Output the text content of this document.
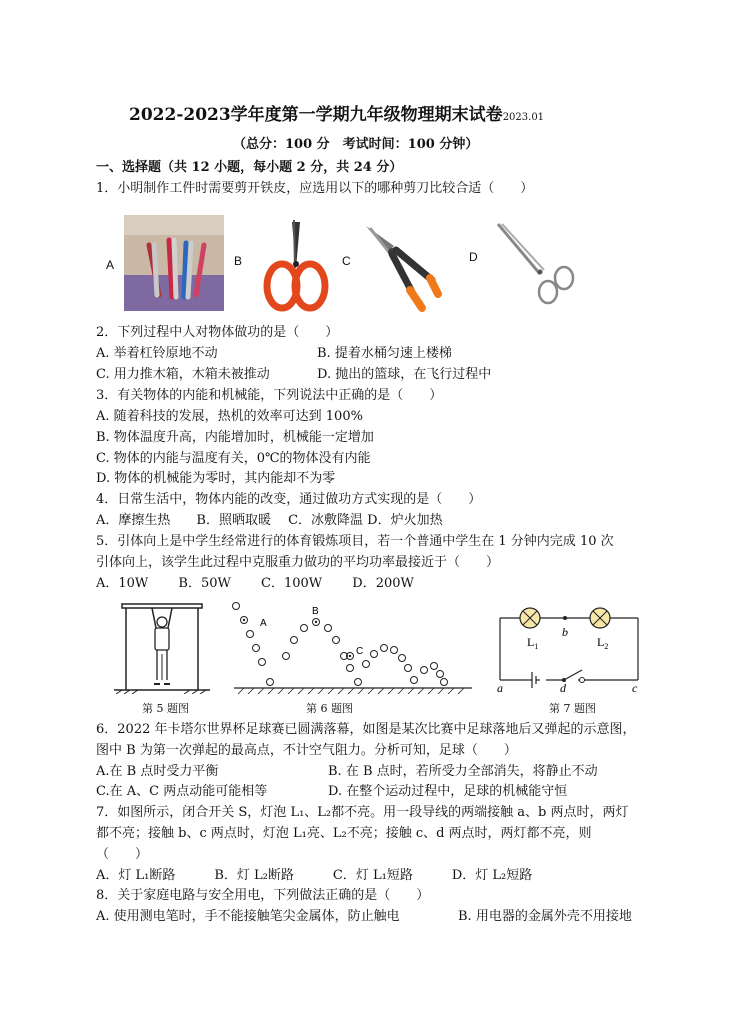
2022-2023学年度第一学期九年级物理期末试卷2023.01
（总分：100 分　考试时间：100 分钟）
一、选择题（共 12 小题，每小题 2 分，共 24 分）
1．小明制作工件时需要剪开铁皮，应选用以下的哪种剪刀比较合适（　　）
A	B	C	D
2．下列过程中人对物体做功的是（　　）
A. 举着杠铃原地不动	B. 提着水桶匀速上楼梯
C. 用力推木箱，木箱未被推动	D. 抛出的篮球，在飞行过程中
3．有关物体的内能和机械能，下列说法中正确的是（　　）
A. 随着科技的发展，热机的效率可达到 100%
B. 物体温度升高，内能增加时，机械能一定增加
C. 物体的内能与温度有关，0℃的物体没有内能
D. 物体的机械能为零时，其内能却不为零
4．日常生活中，物体内能的改变，通过做功方式实现的是（　　）
A．摩擦生热　　B．照晒取暖　 C．冰敷降温 D．炉火加热
5．引体向上是中学生经常进行的体育锻炼项目，若一个普通中学生在 1 分钟内完成 10 次
引体向上，该学生此过程中克服重力做功的平均功率最接近于（　　）
A．10W　　 B．50W　　 C．100W　　 D．200W
第 5 题图
A
B
C
第 6 题图
$L_1$	$L_2$
b
a	d	c
第 7 题图
6．2022 年卡塔尔世界杯足球赛已圆满落幕，如图是某次比赛中足球落地后又弹起的示意图，
图中 B 为第一次弹起的最高点，不计空气阻力。分析可知，足球（　　）
A.在 B 点时受力平衡	B. 在 B 点时，若所受力全部消失，将静止不动
C.在 A、C 两点动能可能相等	D. 在整个运动过程中，足球的机械能守恒
7．如图所示，闭合开关 S，灯泡 L₁、L₂都不亮。用一段导线的两端接触 a、b 两点时，两灯
都不亮；接触 b、c 两点时，灯泡 L₁亮、L₂不亮；接触 c、d 两点时，两灯都不亮，则
（　　）
A．灯 L₁断路　　　B．灯 L₂断路　　　C．灯 L₁短路　　　D．灯 L₂短路
8．关于家庭电路与安全用电，下列做法正确的是（　　）
A. 使用测电笔时，手不能接触笔尖金属体，防止触电	B. 用电器的金属外壳不用接地
